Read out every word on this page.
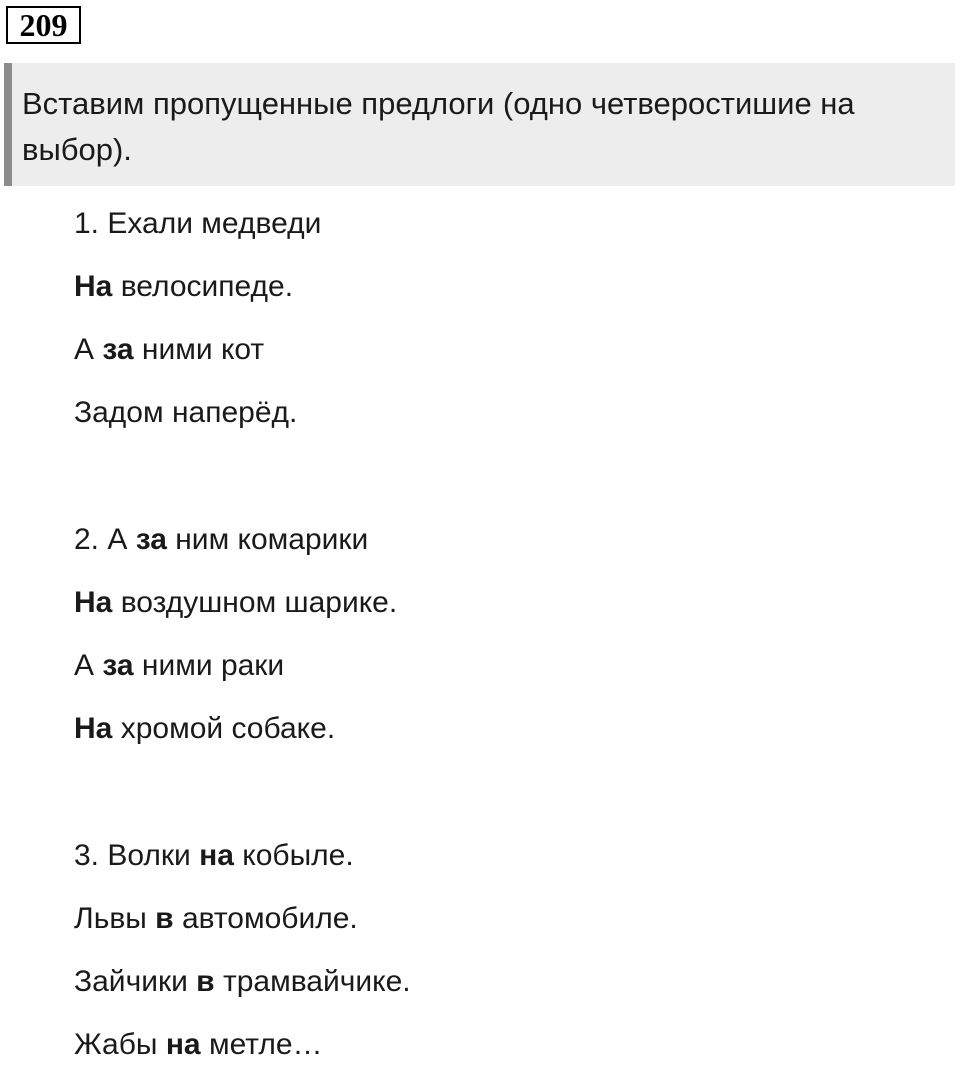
209
Вставим пропущенные предлоги (одно четверостишие на выбор).
1. Ехали медведи
На велосипеде.
А за ними кот
Задом наперёд.
2. А за ним комарики
На воздушном шарике.
А за ними раки
На хромой собаке.
3. Волки на кобыле.
Львы в автомобиле.
Зайчики в трамвайчике.
Жабы на метле…
